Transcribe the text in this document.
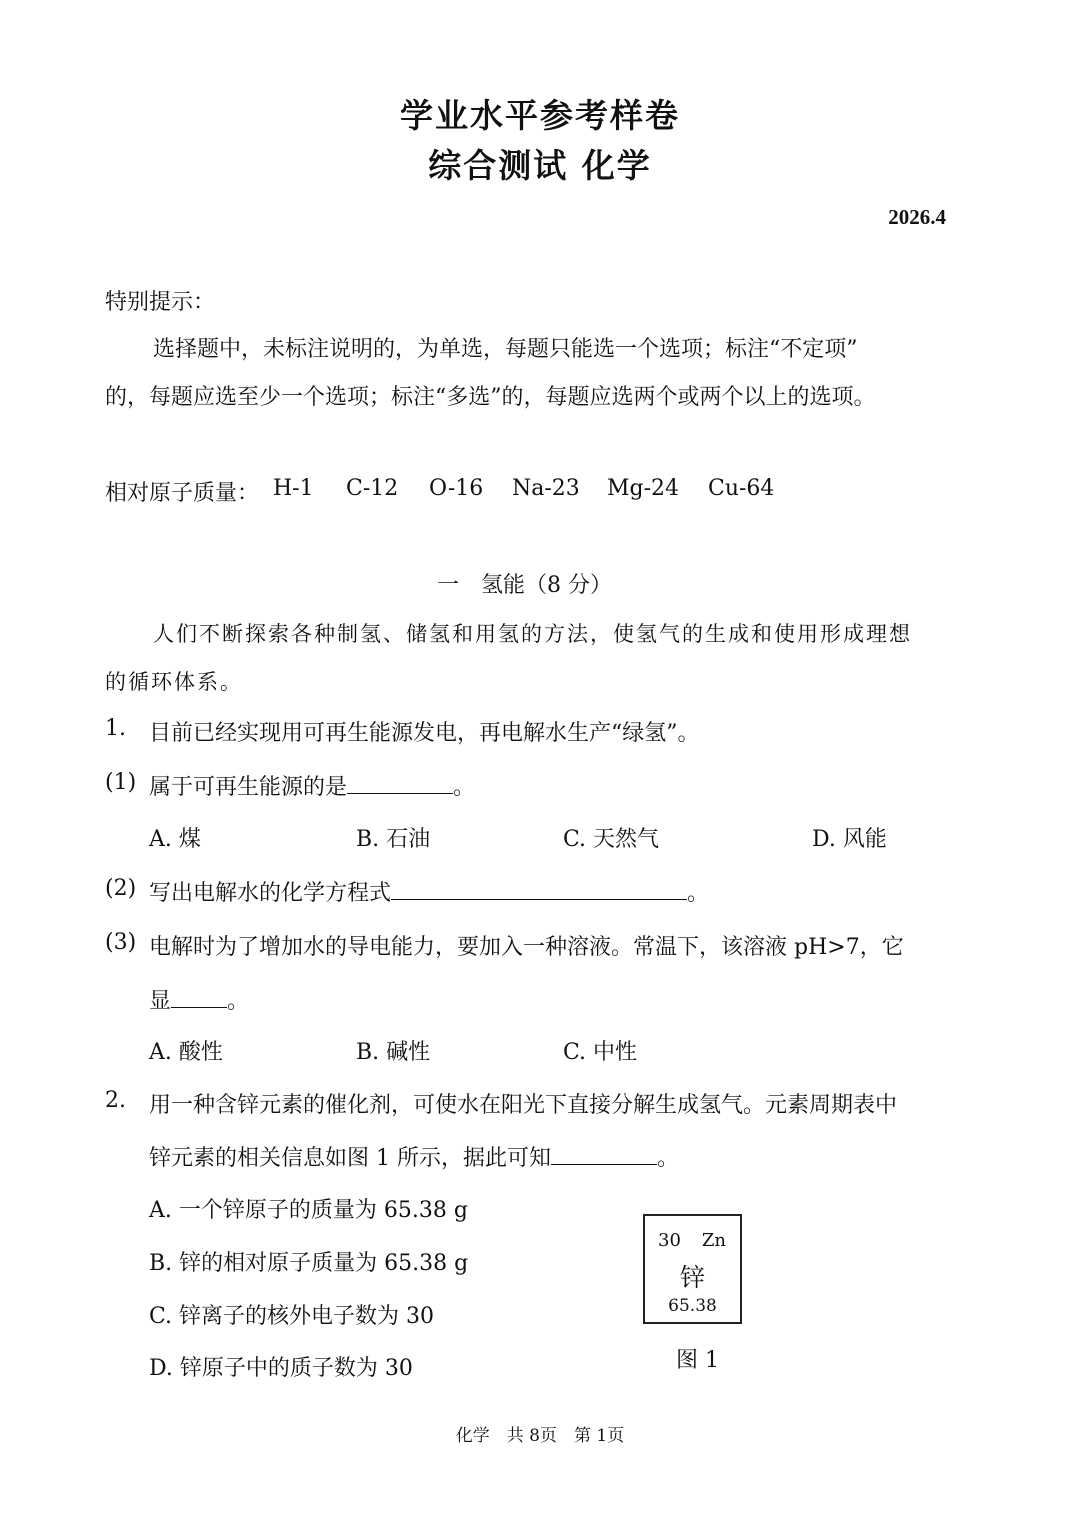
学业水平参考样卷
综合测试 化学
2026.4
特别提示：
选择题中，未标注说明的，为单选，每题只能选一个选项；标注“不定项”
的，每题应选至少一个选项；标注“多选”的，每题应选两个或两个以上的选项。
相对原子质量： H-1 C-12 O-16 Na-23 Mg-24 Cu-64
一　氢能（8 分）
人们不断探索各种制氢、储氢和用氢的方法，使氢气的生成和使用形成理想
的循环体系。
1. 目前已经实现用可再生能源发电，再电解水生产“绿氢”。
(1) 属于可再生能源的是	。
A. 煤	B. 石油	C. 天然气	D. 风能
(2) 写出电解水的化学方程式	。
(3) 电解时为了增加水的导电能力，要加入一种溶液。常温下，该溶液 pH>7，它
显	。
A. 酸性	B. 碱性	C. 中性
2. 用一种含锌元素的催化剂，可使水在阳光下直接分解生成氢气。元素周期表中
锌元素的相关信息如图 1 所示，据此可知	。
A. 一个锌原子的质量为 65.38 g
B. 锌的相对原子质量为 65.38 g
C. 锌离子的核外电子数为 30
D. 锌原子中的质子数为 30
30 Zn
锌
65.38
图 1
化学　共 8页　第 1页
